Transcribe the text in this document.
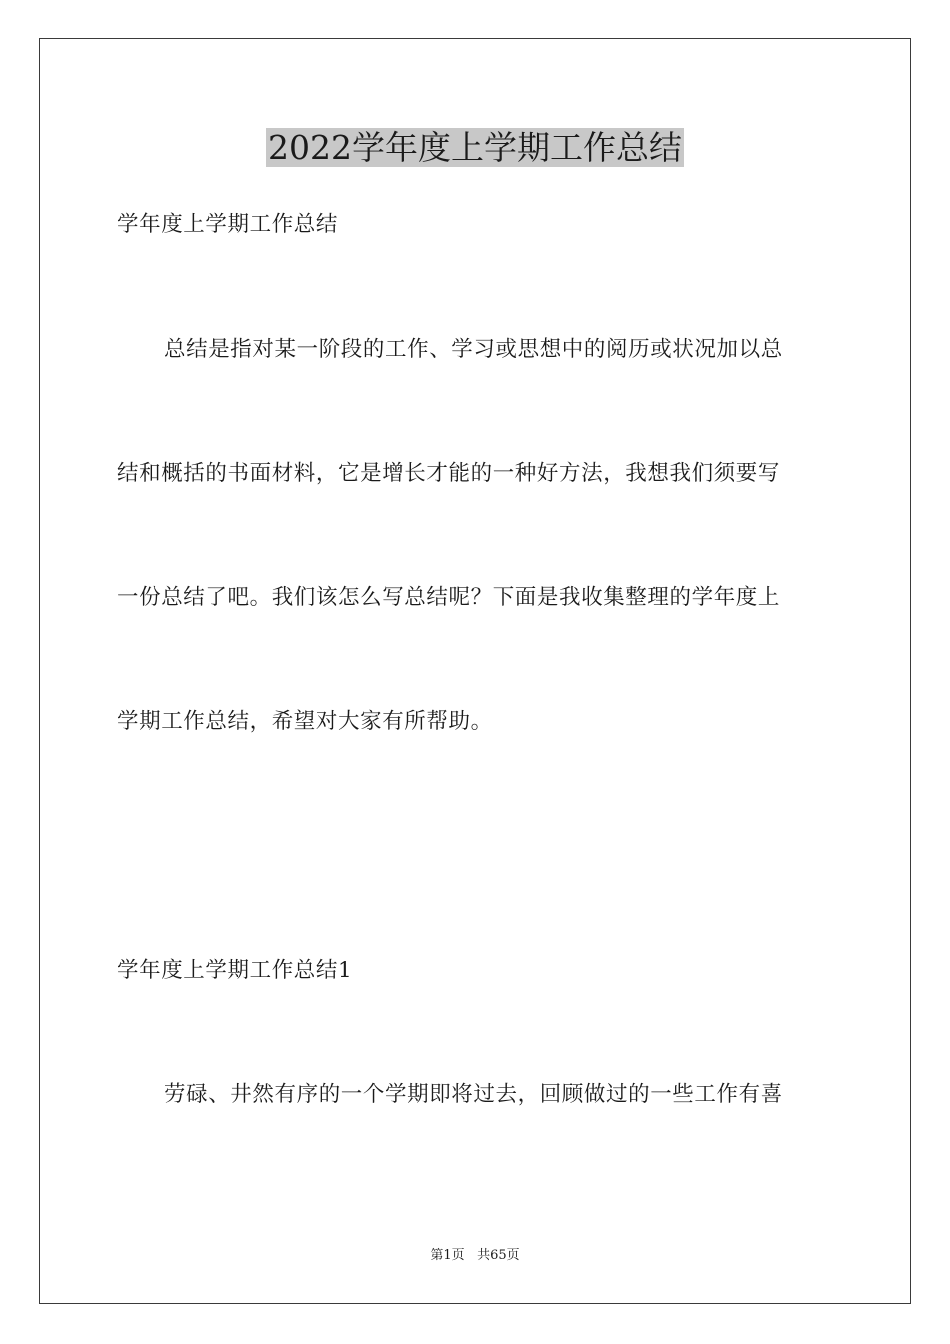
2022学年度上学期工作总结
学年度上学期工作总结
总结是指对某一阶段的工作、学习或思想中的阅历或状况加以总
结和概括的书面材料，它是增长才能的一种好方法，我想我们须要写
一份总结了吧。我们该怎么写总结呢？下面是我收集整理的学年度上
学期工作总结，希望对大家有所帮助。
学年度上学期工作总结1
劳碌、井然有序的一个学期即将过去，回顾做过的一些工作有喜
第1页 共65页
